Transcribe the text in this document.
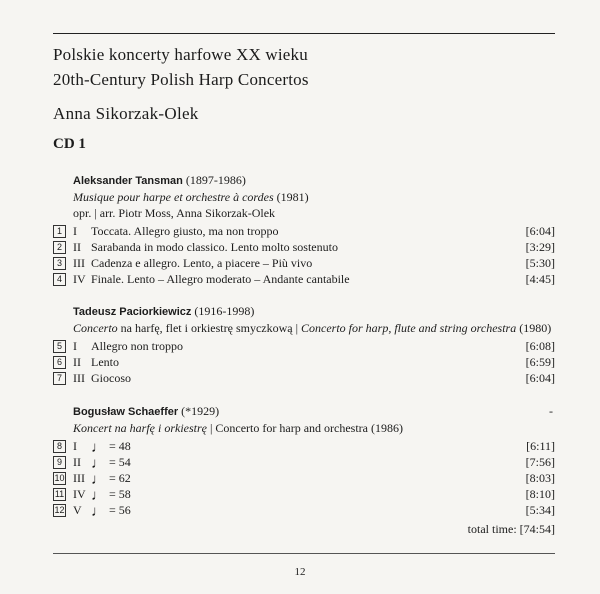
Polskie koncerty harfowe XX wieku
20th-Century Polish Harp Concertos
Anna Sikorzak-Olek
CD 1
Aleksander Tansman (1897-1986)
Musique pour harpe et orchestre à cordes (1981)
opr. | arr. Piotr Moss, Anna Sikorzak-Olek
1 I Toccata. Allegro giusto, ma non troppo	[6:04]
2 II Sarabanda in modo classico. Lento molto sostenuto	[3:29]
3 III Cadenza e allegro. Lento, a piacere – Più vivo	[5:30]
4 IV Finale. Lento – Allegro moderato – Andante cantabile	[4:45]
Tadeusz Paciorkiewicz (1916-1998)
Concerto na harfę, flet i orkiestrę smyczkową | Concerto for harp, flute and string orchestra (1980)
5 I Allegro non troppo	[6:08]
6 II Lento	[6:59]
7 III Giocoso	[6:04]
Bogusław Schaeffer (*1929)	-
Koncert na harfę i orkiestrę | Concerto for harp and orchestra (1986)
8 I ♩ = 48	[6:11]
9 II ♩ = 54	[7:56]
10 III ♩ = 62	[8:03]
11 IV ♩ = 58	[8:10]
12 V ♩ = 56	[5:34]
total time: [74:54]
12
